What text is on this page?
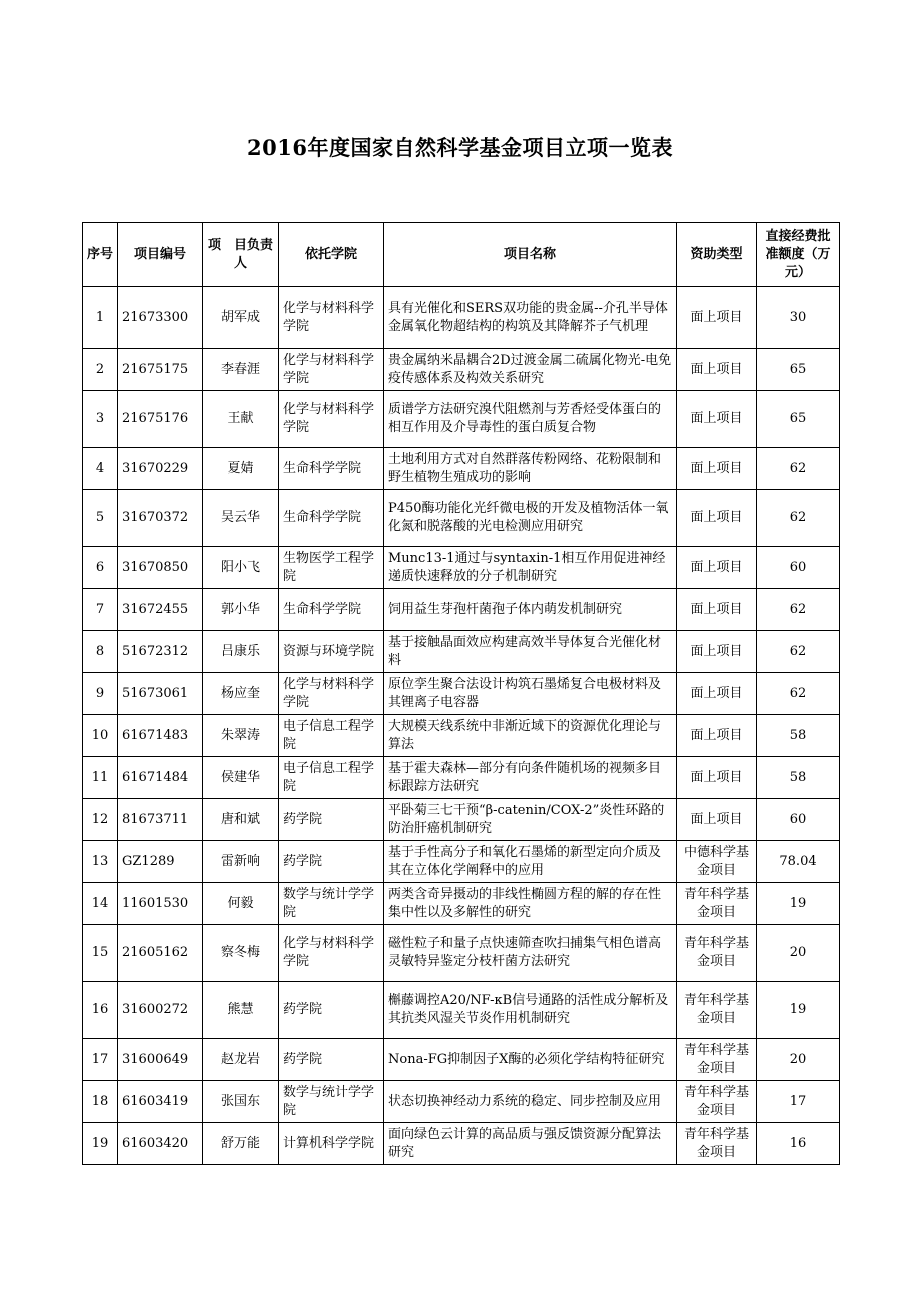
2016年度国家自然科学基金项目立项一览表
序号	项目编号	项　目负责人	依托学院	项目名称	资助类型	直接经费批准额度（万元）
1	21673300	胡军成	化学与材料科学学院	具有光催化和SERS双功能的贵金属--介孔半导体金属氧化物超结构的构筑及其降解芥子气机理	面上项目	30
2	21675175	李春涯	化学与材料科学学院	贵金属纳米晶耦合2D过渡金属二硫属化物光-电免疫传感体系及构效关系研究	面上项目	65
3	21675176	王献	化学与材料科学学院	质谱学方法研究溴代阻燃剂与芳香烃受体蛋白的相互作用及介导毒性的蛋白质复合物	面上项目	65
4	31670229	夏婧	生命科学学院	土地利用方式对自然群落传粉网络、花粉限制和野生植物生殖成功的影响	面上项目	62
5	31670372	吴云华	生命科学学院	P450酶功能化光纤微电极的开发及植物活体一氧化氮和脱落酸的光电检测应用研究	面上项目	62
6	31670850	阳小飞	生物医学工程学院	Munc13-1通过与syntaxin-1相互作用促进神经递质快速释放的分子机制研究	面上项目	60
7	31672455	郭小华	生命科学学院	饲用益生芽孢杆菌孢子体内萌发机制研究	面上项目	62
8	51672312	吕康乐	资源与环境学院	基于接触晶面效应构建高效半导体复合光催化材料	面上项目	62
9	51673061	杨应奎	化学与材料科学学院	原位孪生聚合法设计构筑石墨烯复合电极材料及其锂离子电容器	面上项目	62
10	61671483	朱翠涛	电子信息工程学院	大规模天线系统中非渐近域下的资源优化理论与算法	面上项目	58
11	61671484	侯建华	电子信息工程学院	基于霍夫森林—部分有向条件随机场的视频多目标跟踪方法研究	面上项目	58
12	81673711	唐和斌	药学院	平卧菊三七干预“β-catenin/COX-2”炎性环路的防治肝癌机制研究	面上项目	60
13	GZ1289	雷新响	药学院	基于手性高分子和氧化石墨烯的新型定向介质及其在立体化学阐释中的应用	中德科学基金项目	78.04
14	11601530	何毅	数学与统计学学院	两类含奇异摄动的非线性椭圆方程的解的存在性集中性以及多解性的研究	青年科学基金项目	19
15	21605162	察冬梅	化学与材料科学学院	磁性粒子和量子点快速筛查吹扫捕集气相色谱高灵敏特异鉴定分枝杆菌方法研究	青年科学基金项目	20
16	31600272	熊慧	药学院	槲藤调控A20/NF-κB信号通路的活性成分解析及其抗类风湿关节炎作用机制研究	青年科学基金项目	19
17	31600649	赵龙岩	药学院	Nona-FG抑制因子X酶的必须化学结构特征研究	青年科学基金项目	20
18	61603419	张国东	数学与统计学学院	状态切换神经动力系统的稳定、同步控制及应用	青年科学基金项目	17
19	61603420	舒万能	计算机科学学院	面向绿色云计算的高品质与强反馈资源分配算法研究	青年科学基金项目	16
